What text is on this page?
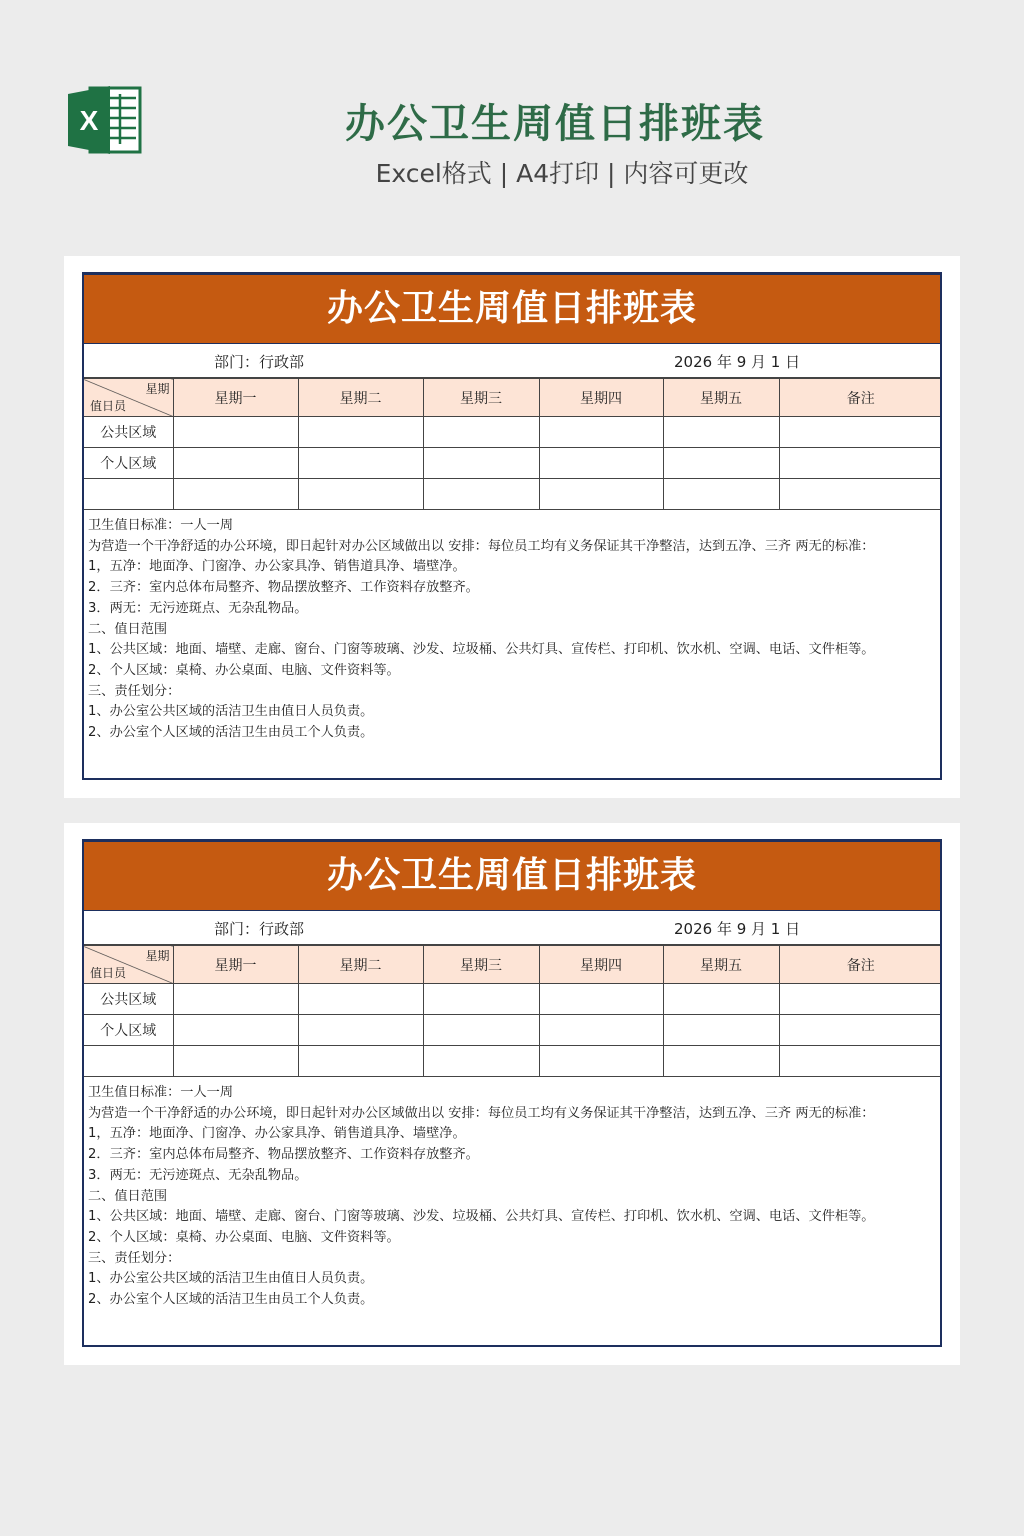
X	办公卫生周值日排班表
Excel格式 | A4打印 | 内容可更改
办公卫生周值日排班表
部门：行政部	2026 年 9 月 1 日
星期
值日员	星期一	星期二	星期三	星期四	星期五	备注
公共区域						
个人区域						

卫生值日标准：一人一周
为营造一个干净舒适的办公环境，即日起针对办公区域做出以 安排：每位员工均有义务保证其干净整洁，达到五净、三齐 两无的标准：
1，五净：地面净、门窗净、办公家具净、销售道具净、墙壁净。
2．三齐：室内总体布局整齐、物品摆放整齐、工作资料存放整齐。
3．两无：无污迹斑点、无杂乱物品。
二、值日范围
1、公共区域：地面、墙壁、走廊、窗台、门窗等玻璃、沙发、垃圾桶、公共灯具、宣传栏、打印机、饮水机、空调、电话、文件柜等。
2、个人区域：桌椅、办公桌面、电脑、文件资料等。
三、责任划分：
1、办公室公共区域的活洁卫生由值日人员负责。
2、办公室个人区域的活洁卫生由员工个人负责。
办公卫生周值日排班表
部门：行政部	2026 年 9 月 1 日
星期
值日员	星期一	星期二	星期三	星期四	星期五	备注
公共区域						
个人区域						

卫生值日标准：一人一周
为营造一个干净舒适的办公环境，即日起针对办公区域做出以 安排：每位员工均有义务保证其干净整洁，达到五净、三齐 两无的标准：
1，五净：地面净、门窗净、办公家具净、销售道具净、墙壁净。
2．三齐：室内总体布局整齐、物品摆放整齐、工作资料存放整齐。
3．两无：无污迹斑点、无杂乱物品。
二、值日范围
1、公共区域：地面、墙壁、走廊、窗台、门窗等玻璃、沙发、垃圾桶、公共灯具、宣传栏、打印机、饮水机、空调、电话、文件柜等。
2、个人区域：桌椅、办公桌面、电脑、文件资料等。
三、责任划分：
1、办公室公共区域的活洁卫生由值日人员负责。
2、办公室个人区域的活洁卫生由员工个人负责。
